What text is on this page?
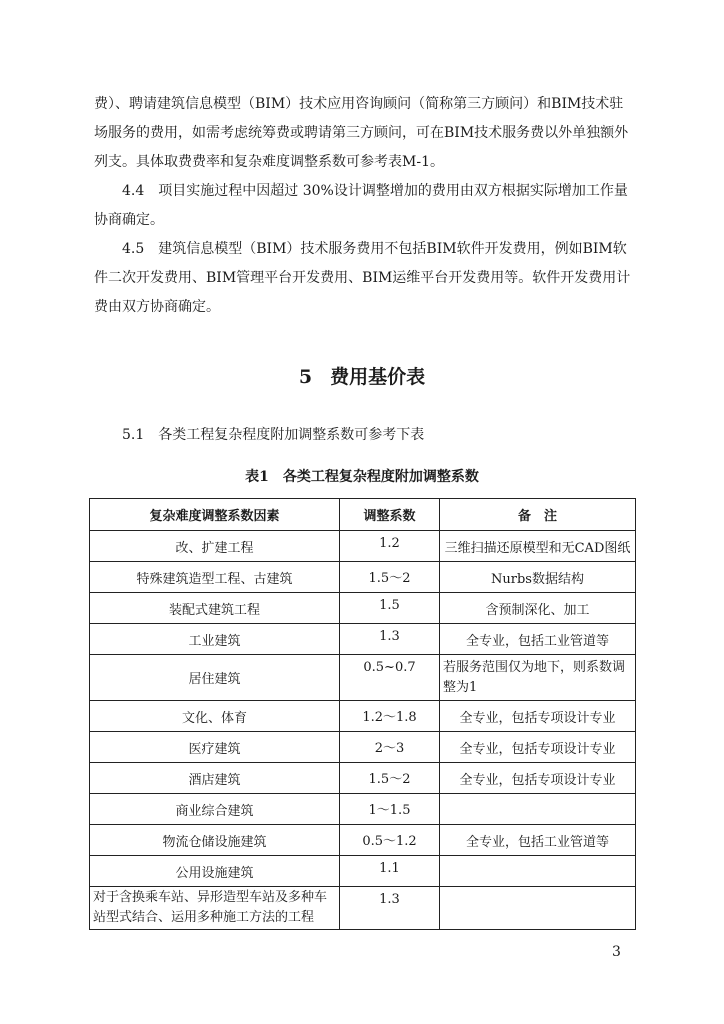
费）、聘请建筑信息模型（BIM）技术应用咨询顾问（简称第三方顾问）和BIM技术驻场服务的费用，如需考虑统筹费或聘请第三方顾问，可在BIM技术服务费以外单独额外列支。具体取费费率和复杂难度调整系数可参考表M-1。

4.4　项目实施过程中因超过 30%设计调整增加的费用由双方根据实际增加工作量协商确定。

4.5　建筑信息模型（BIM）技术服务费用不包括BIM软件开发费用，例如BIM软件二次开发费用、BIM管理平台开发费用、BIM运维平台开发费用等。软件开发费用计费由双方协商确定。

5 费用基价表

5.1　各类工程复杂程度附加调整系数可参考下表

表1　各类工程复杂程度附加调整系数

复杂难度调整系数因素	调整系数	备　注
改、扩建工程	1.2	三维扫描还原模型和无CAD图纸
特殊建筑造型工程、古建筑	1.5～2	Nurbs数据结构
装配式建筑工程	1.5	含预制深化、加工
工业建筑	1.3	全专业，包括工业管道等
居住建筑	0.5~0.7	若服务范围仅为地下，则系数调整为1
文化、体育	1.2～1.8	全专业，包括专项设计专业
医疗建筑	2～3	全专业，包括专项设计专业
酒店建筑	1.5～2	全专业，包括专项设计专业
商业综合建筑	1～1.5	
物流仓储设施建筑	0.5～1.2	全专业，包括工业管道等
公用设施建筑	1.1	
对于含换乘车站、异形造型车站及多种车站型式结合、运用多种施工方法的工程	1.3	

3
